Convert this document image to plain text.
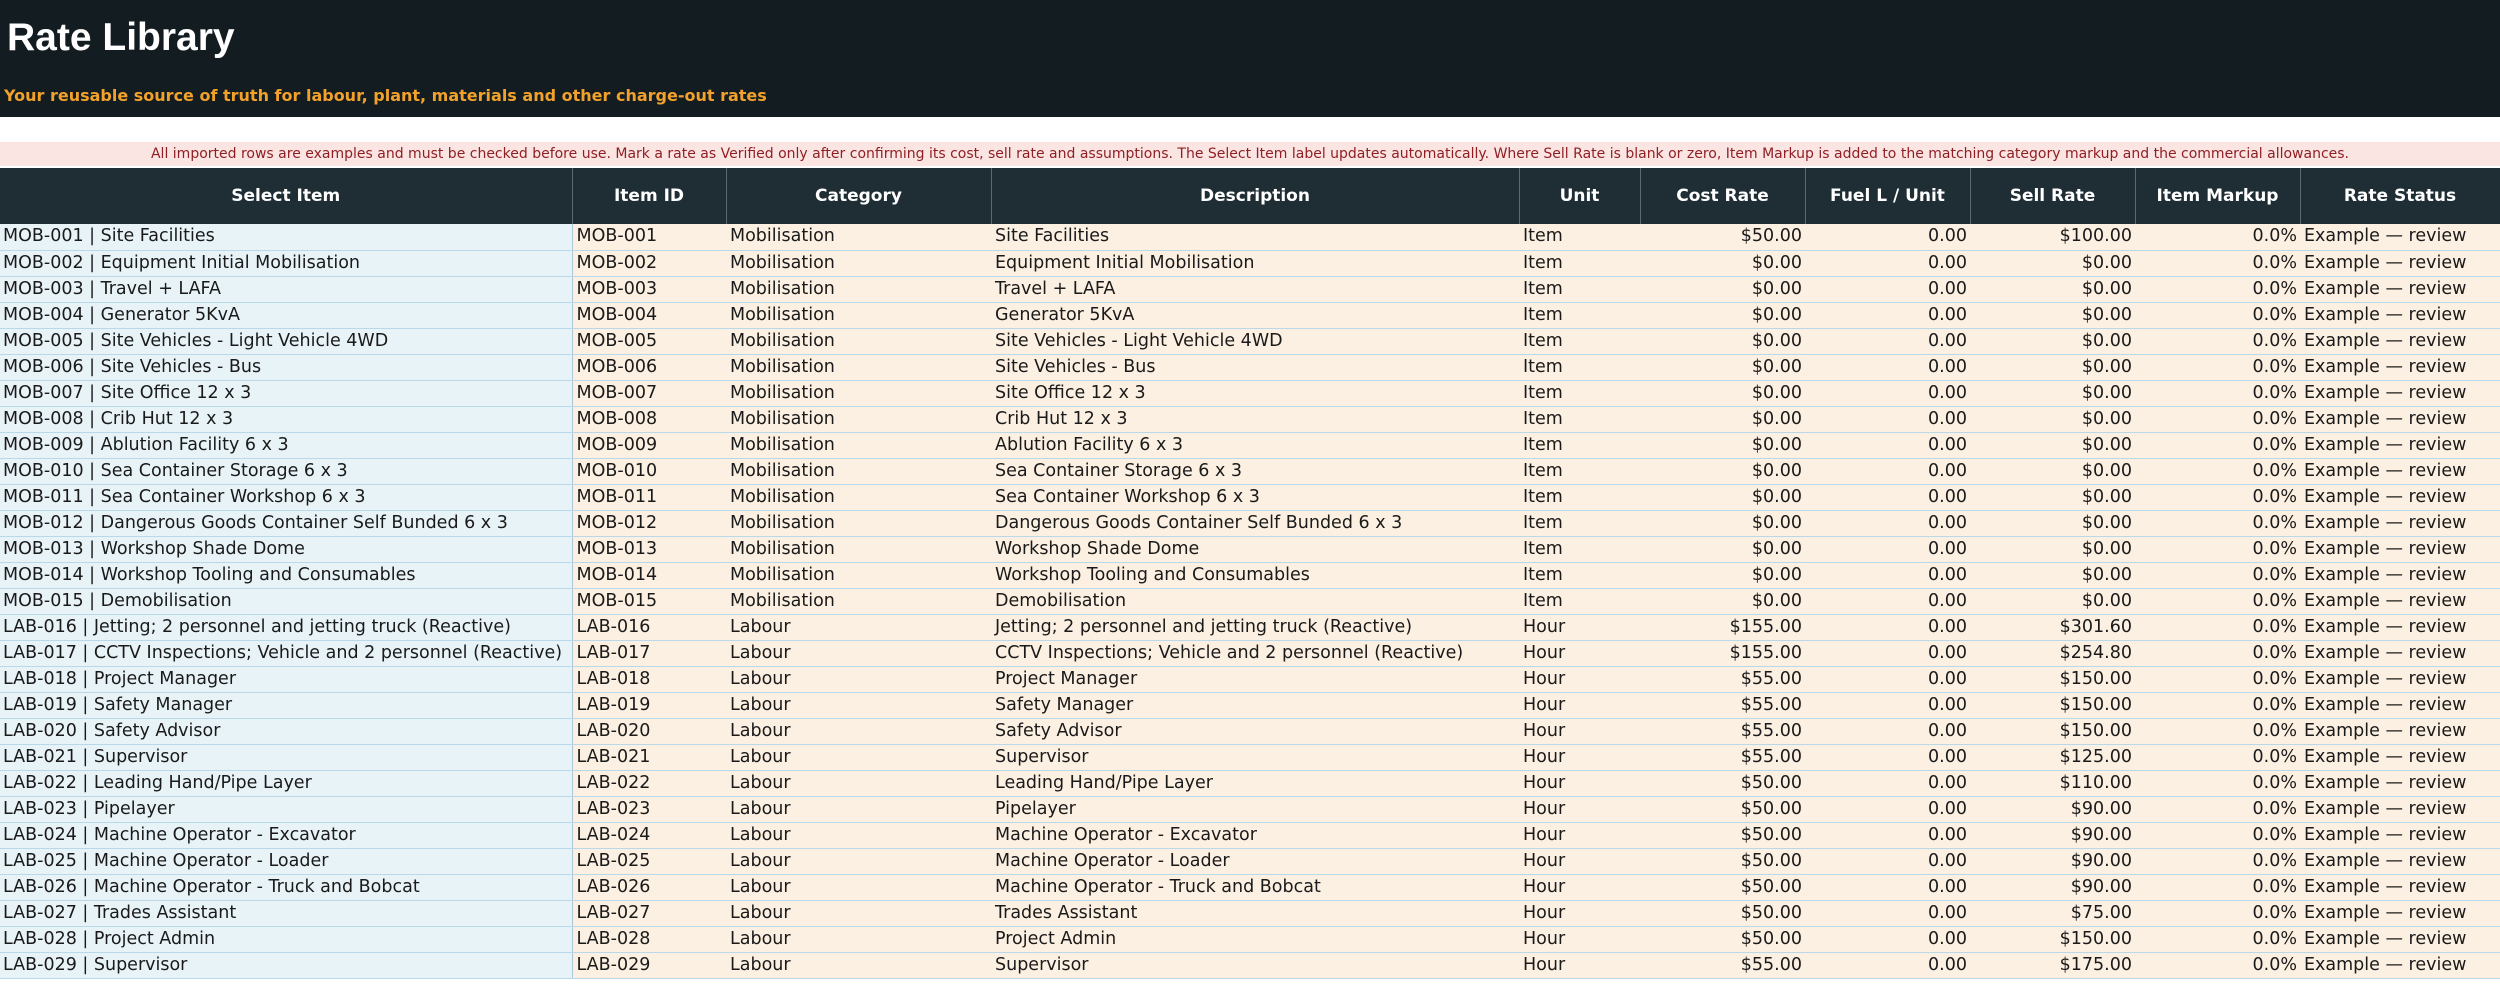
Rate Library
Your reusable source of truth for labour, plant, materials and other charge-out rates
All imported rows are examples and must be checked before use. Mark a rate as Verified only after confirming its cost, sell rate and assumptions. The Select Item label updates automatically. Where Sell Rate is blank or zero, Item Markup is added to the matching category markup and the commercial allowances.
Select Item	Item ID	Category	Description	Unit	Cost Rate	Fuel L / Unit	Sell Rate	Item Markup	Rate Status
MOB-001 | Site Facilities	MOB-001	Mobilisation	Site Facilities	Item	$50.00	0.00	$100.00	0.0%	Example — review
MOB-002 | Equipment Initial Mobilisation	MOB-002	Mobilisation	Equipment Initial Mobilisation	Item	$0.00	0.00	$0.00	0.0%	Example — review
MOB-003 | Travel + LAFA	MOB-003	Mobilisation	Travel + LAFA	Item	$0.00	0.00	$0.00	0.0%	Example — review
MOB-004 | Generator 5KvA	MOB-004	Mobilisation	Generator 5KvA	Item	$0.00	0.00	$0.00	0.0%	Example — review
MOB-005 | Site Vehicles - Light Vehicle 4WD	MOB-005	Mobilisation	Site Vehicles - Light Vehicle 4WD	Item	$0.00	0.00	$0.00	0.0%	Example — review
MOB-006 | Site Vehicles - Bus	MOB-006	Mobilisation	Site Vehicles - Bus	Item	$0.00	0.00	$0.00	0.0%	Example — review
MOB-007 | Site Office 12 x 3	MOB-007	Mobilisation	Site Office 12 x 3	Item	$0.00	0.00	$0.00	0.0%	Example — review
MOB-008 | Crib Hut 12 x 3	MOB-008	Mobilisation	Crib Hut 12 x 3	Item	$0.00	0.00	$0.00	0.0%	Example — review
MOB-009 | Ablution Facility 6 x 3	MOB-009	Mobilisation	Ablution Facility 6 x 3	Item	$0.00	0.00	$0.00	0.0%	Example — review
MOB-010 | Sea Container Storage 6 x 3	MOB-010	Mobilisation	Sea Container Storage 6 x 3	Item	$0.00	0.00	$0.00	0.0%	Example — review
MOB-011 | Sea Container Workshop 6 x 3	MOB-011	Mobilisation	Sea Container Workshop 6 x 3	Item	$0.00	0.00	$0.00	0.0%	Example — review
MOB-012 | Dangerous Goods Container Self Bunded 6 x 3	MOB-012	Mobilisation	Dangerous Goods Container Self Bunded 6 x 3	Item	$0.00	0.00	$0.00	0.0%	Example — review
MOB-013 | Workshop Shade Dome	MOB-013	Mobilisation	Workshop Shade Dome	Item	$0.00	0.00	$0.00	0.0%	Example — review
MOB-014 | Workshop Tooling and Consumables	MOB-014	Mobilisation	Workshop Tooling and Consumables	Item	$0.00	0.00	$0.00	0.0%	Example — review
MOB-015 | Demobilisation	MOB-015	Mobilisation	Demobilisation	Item	$0.00	0.00	$0.00	0.0%	Example — review
LAB-016 | Jetting; 2 personnel and jetting truck (Reactive)	LAB-016	Labour	Jetting; 2 personnel and jetting truck (Reactive)	Hour	$155.00	0.00	$301.60	0.0%	Example — review
LAB-017 | CCTV Inspections; Vehicle and 2 personnel (Reactive)	LAB-017	Labour	CCTV Inspections; Vehicle and 2 personnel (Reactive)	Hour	$155.00	0.00	$254.80	0.0%	Example — review
LAB-018 | Project Manager	LAB-018	Labour	Project Manager	Hour	$55.00	0.00	$150.00	0.0%	Example — review
LAB-019 | Safety Manager	LAB-019	Labour	Safety Manager	Hour	$55.00	0.00	$150.00	0.0%	Example — review
LAB-020 | Safety Advisor	LAB-020	Labour	Safety Advisor	Hour	$55.00	0.00	$150.00	0.0%	Example — review
LAB-021 | Supervisor	LAB-021	Labour	Supervisor	Hour	$55.00	0.00	$125.00	0.0%	Example — review
LAB-022 | Leading Hand/Pipe Layer	LAB-022	Labour	Leading Hand/Pipe Layer	Hour	$50.00	0.00	$110.00	0.0%	Example — review
LAB-023 | Pipelayer	LAB-023	Labour	Pipelayer	Hour	$50.00	0.00	$90.00	0.0%	Example — review
LAB-024 | Machine Operator - Excavator	LAB-024	Labour	Machine Operator - Excavator	Hour	$50.00	0.00	$90.00	0.0%	Example — review
LAB-025 | Machine Operator - Loader	LAB-025	Labour	Machine Operator - Loader	Hour	$50.00	0.00	$90.00	0.0%	Example — review
LAB-026 | Machine Operator - Truck and Bobcat	LAB-026	Labour	Machine Operator - Truck and Bobcat	Hour	$50.00	0.00	$90.00	0.0%	Example — review
LAB-027 | Trades Assistant	LAB-027	Labour	Trades Assistant	Hour	$50.00	0.00	$75.00	0.0%	Example — review
LAB-028 | Project Admin	LAB-028	Labour	Project Admin	Hour	$50.00	0.00	$150.00	0.0%	Example — review
LAB-029 | Supervisor	LAB-029	Labour	Supervisor	Hour	$55.00	0.00	$175.00	0.0%	Example — review
